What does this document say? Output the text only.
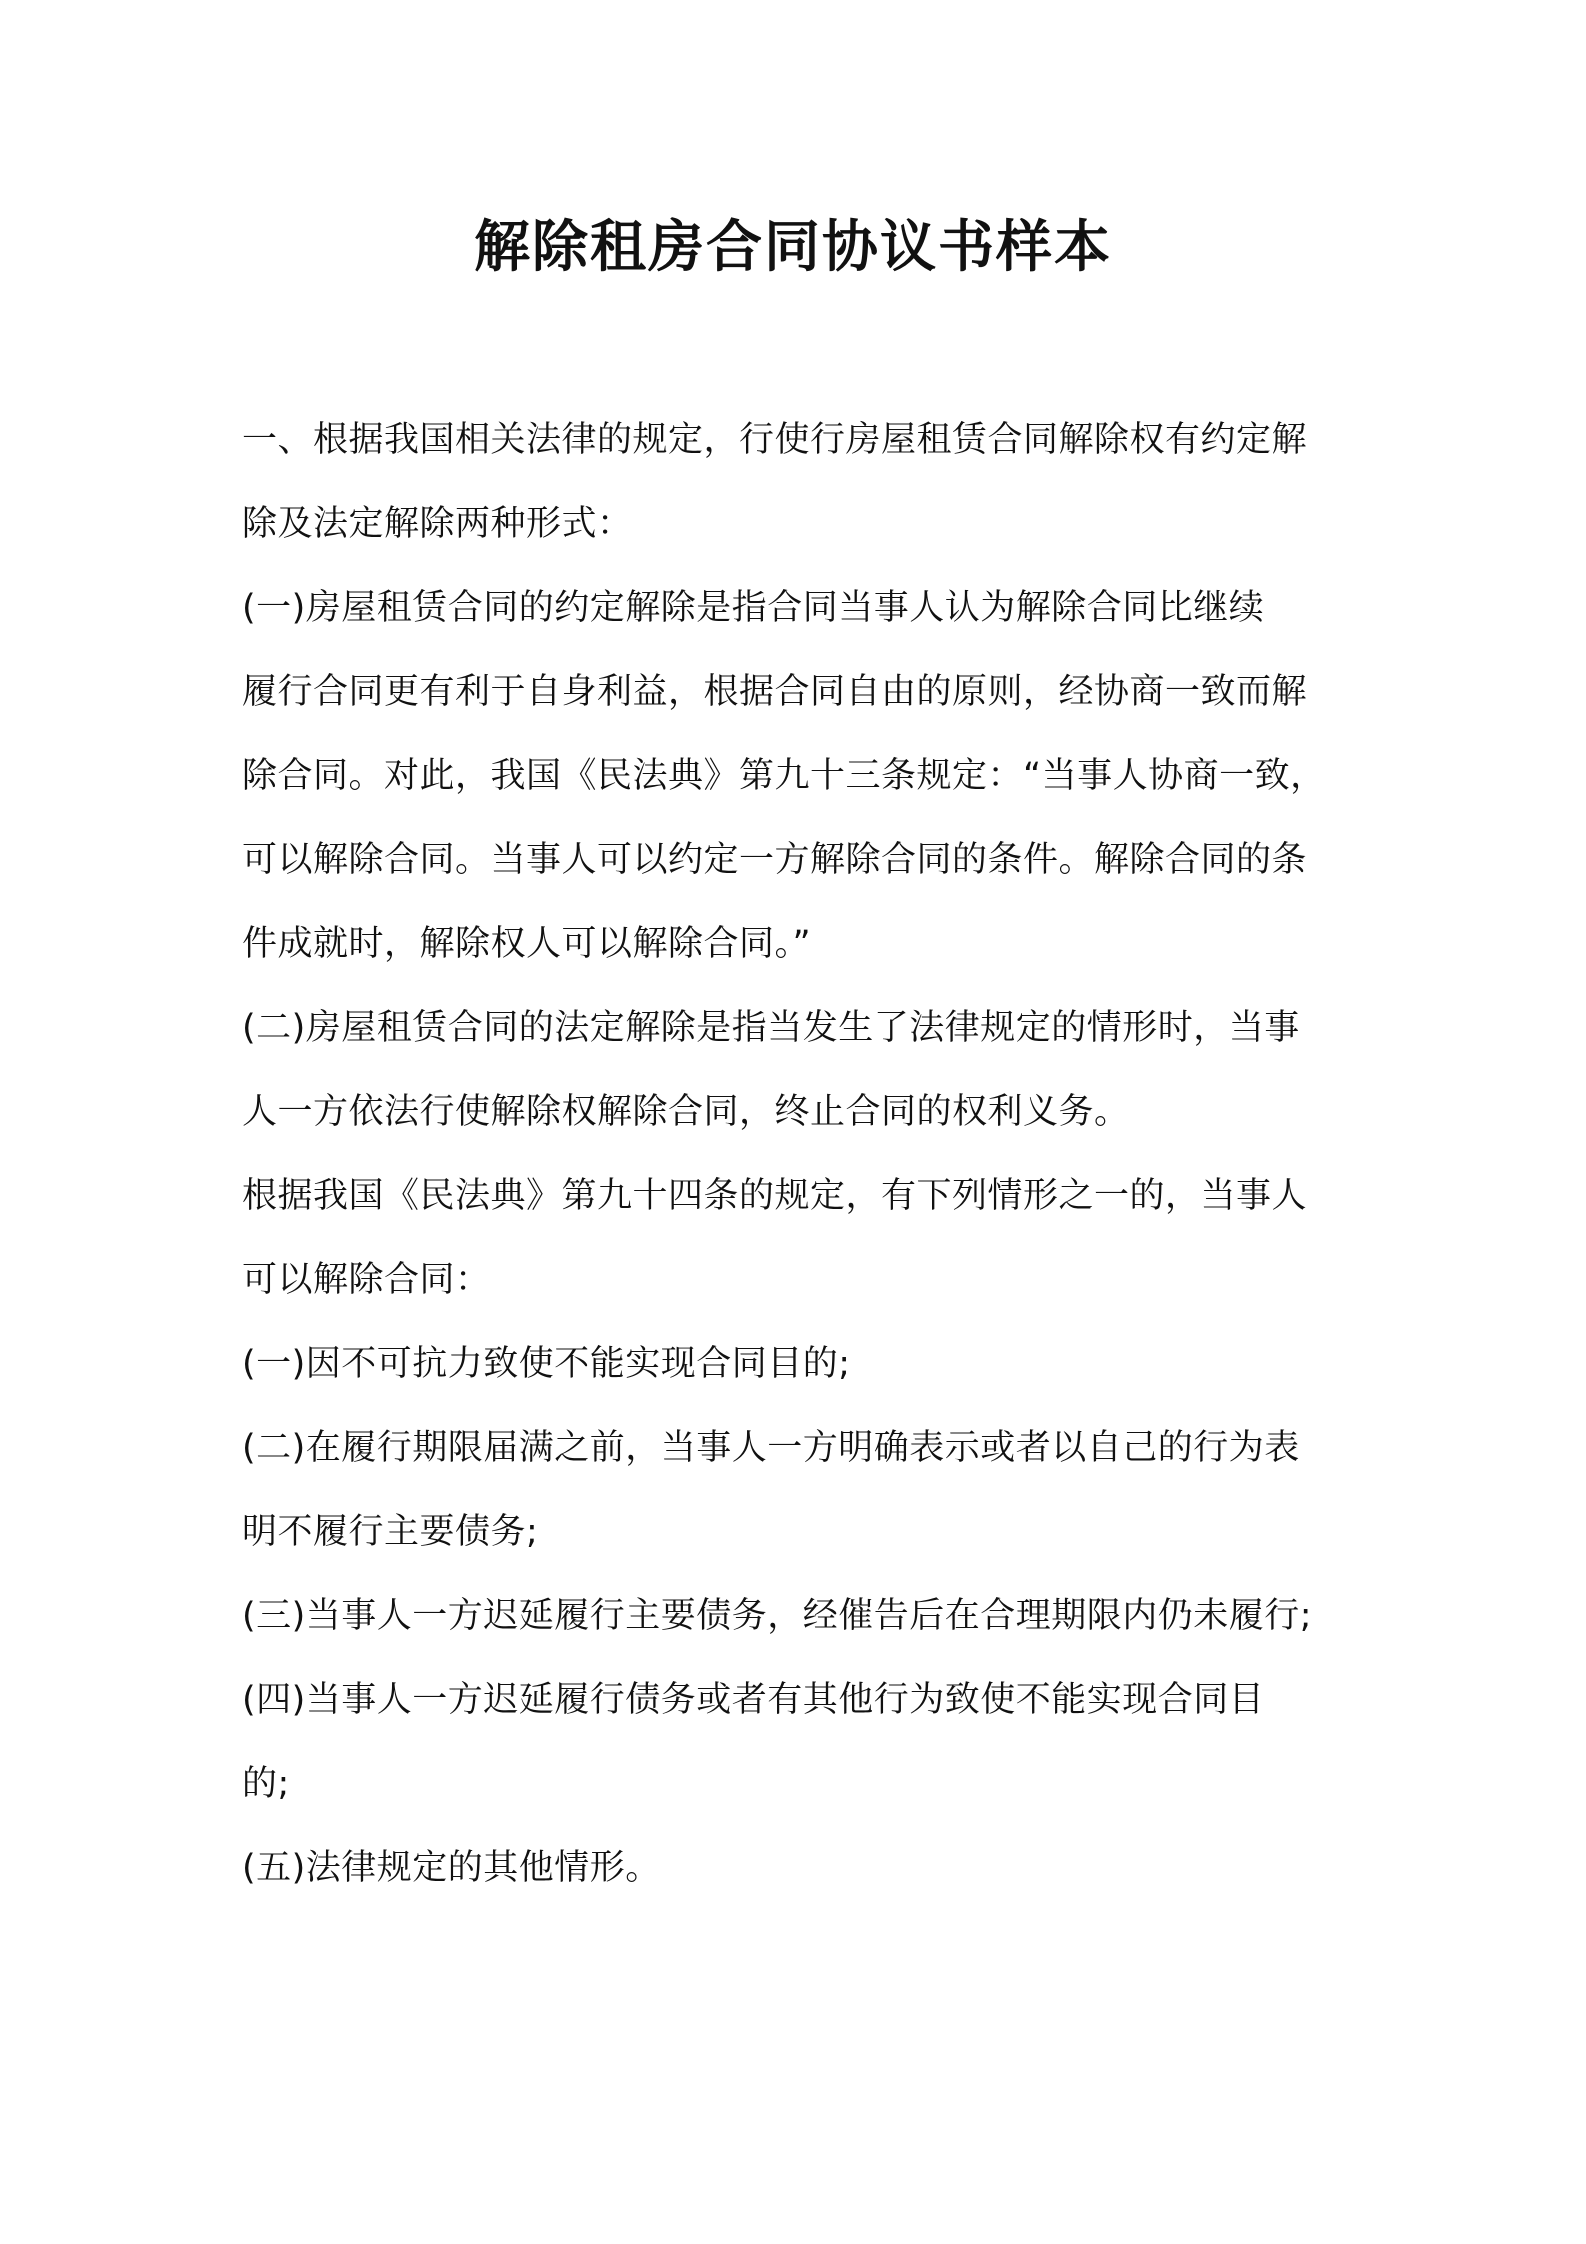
解除租房合同协议书样本
一、根据我国相关法律的规定，行使行房屋租赁合同解除权有约定解
除及法定解除两种形式：
(一)房屋租赁合同的约定解除是指合同当事人认为解除合同比继续
履行合同更有利于自身利益，根据合同自由的原则，经协商一致而解
除合同。对此，我国《民法典》第九十三条规定：“当事人协商一致，
可以解除合同。当事人可以约定一方解除合同的条件。解除合同的条
件成就时，解除权人可以解除合同。”
(二)房屋租赁合同的法定解除是指当发生了法律规定的情形时，当事
人一方依法行使解除权解除合同，终止合同的权利义务。
根据我国《民法典》第九十四条的规定，有下列情形之一的，当事人
可以解除合同：
(一)因不可抗力致使不能实现合同目的;
(二)在履行期限届满之前，当事人一方明确表示或者以自己的行为表
明不履行主要债务;
(三)当事人一方迟延履行主要债务，经催告后在合理期限内仍未履行;
(四)当事人一方迟延履行债务或者有其他行为致使不能实现合同目
的;
(五)法律规定的其他情形。
